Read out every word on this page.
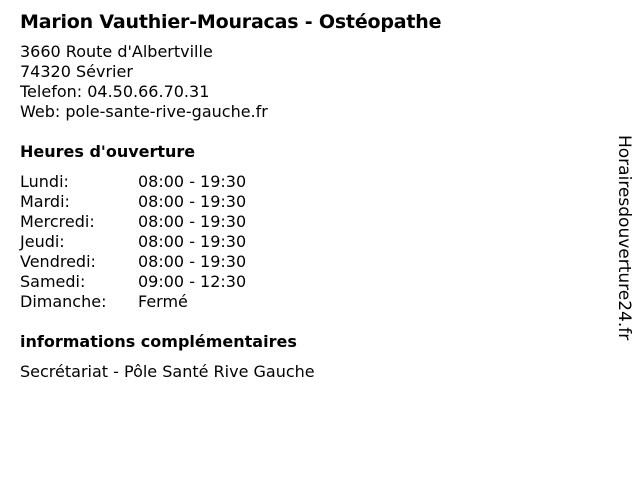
Marion Vauthier-Mouracas - Ostéopathe
3660 Route d'Albertville
74320 Sévrier
Telefon: 04.50.66.70.31
Web: pole-sante-rive-gauche.fr
Heures d'ouverture
Lundi:	08:00 - 19:30
Mardi:	08:00 - 19:30
Mercredi:	08:00 - 19:30
Jeudi:	08:00 - 19:30
Vendredi:	08:00 - 19:30
Samedi:	09:00 - 12:30
Dimanche:	Fermé
informations complémentaires
Secrétariat - Pôle Santé Rive Gauche
Horairesdouverture24.fr
